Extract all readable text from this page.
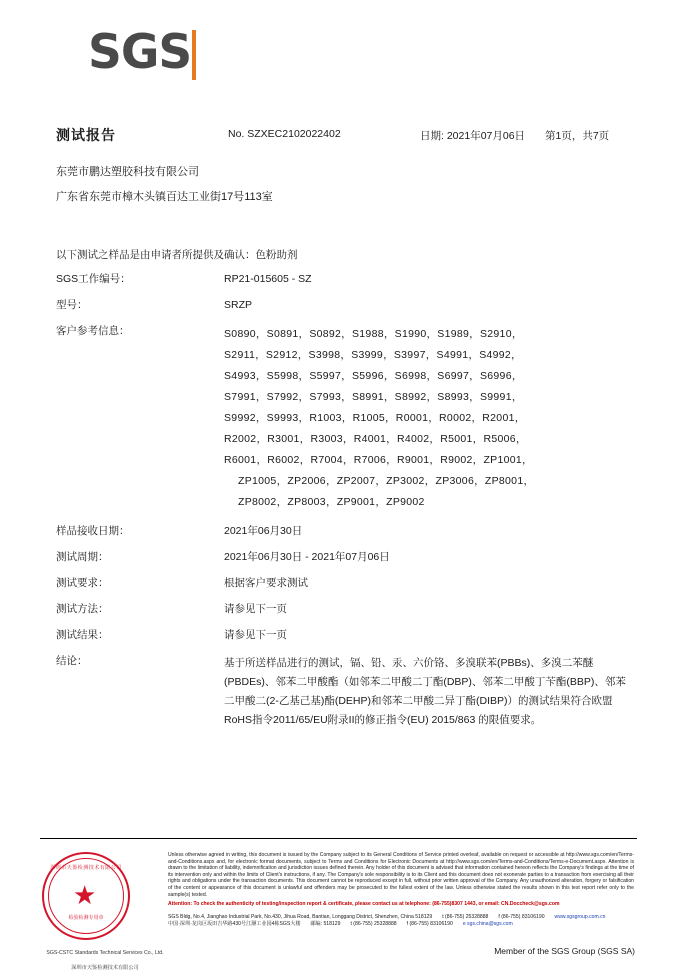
SGS
测试报告	No. SZXEC2102022402	日期: 2021年07月06日 第1页，共7页
东莞市鹏达塑胶科技有限公司
广东省东莞市樟木头镇百达工业街17号113室
以下测试之样品是由申请者所提供及确认：色粉助剂
SGS工作编号：	RP21-015605 - SZ
型号：	SRZP
客户参考信息：	S0890，S0891，S0892，S1988，S1990，S1989，S2910，
S2911，S2912，S3998，S3999，S3997，S4991，S4992，
S4993，S5998，S5997，S5996，S6998，S6997，S6996，
S7991，S7992，S7993，S8991，S8992，S8993，S9991，
S9992，S9993，R1003，R1005，R0001，R0002，R2001，
R2002，R3001，R3003，R4001，R4002，R5001，R5006，
R6001，R6002，R7004，R7006，R9001，R9002，ZP1001，
ZP1005，ZP2006，ZP2007，ZP3002，ZP3006，ZP8001，
ZP8002，ZP8003，ZP9001，ZP9002
样品接收日期：	2021年06月30日
测试周期：	2021年06月30日 - 2021年07月06日
测试要求：	根据客户要求测试
测试方法：	请参见下一页
测试结果：	请参见下一页
结论：	基于所送样品进行的测试，镉、铅、汞、六价铬、多溴联苯(PBBs)、多溴二苯醚(PBDEs)、邻苯二甲酸酯（如邻苯二甲酸二丁酯(DBP)、邻苯二甲酸丁苄酯(BBP)、邻苯二甲酸二(2-乙基己基)酯(DEHP)和邻苯二甲酸二异丁酯(DIBP)）的测试结果符合欧盟RoHS指令2011/65/EU附录II的修正指令(EU) 2015/863 的限值要求。
深圳市天鉴检测技术有限公司
★
检验检测专用章
SGS-CSTC Standards Technical Services Co., Ltd.
深圳市天鉴检测技术有限公司
Unless otherwise agreed in writing, this document is issued by the Company subject to its General Conditions of Service printed overleaf, available on request or accessible at http://www.sgs.com/en/Terms-and-Conditions.aspx and, for electronic format documents, subject to Terms and Conditions for Electronic Documents at http://www.sgs.com/en/Terms-and-Conditions/Terms-e-Document.aspx. Attention is drawn to the limitation of liability, indemnification and jurisdiction issues defined therein. Any holder of this document is advised that information contained hereon reflects the Company's findings at the time of its intervention only and within the limits of Client's instructions, if any. The Company's sole responsibility is to its Client and this document does not exonerate parties to a transaction from exercising all their rights and obligations under the transaction documents. This document cannot be reproduced except in full, without prior written approval of the Company. Any unauthorized alteration, forgery or falsification of the content or appearance of this document is unlawful and offenders may be prosecuted to the fullest extent of the law. Unless otherwise stated the results shown in this test report refer only to the sample(s) tested.
Attention: To check the authenticity of testing/inspection report & certificate, please contact us at telephone: (86-755)8307 1443, or email: CN.Doccheck@sgs.com
SGS Bldg, No.4, Jianghao Industrial Park, No.430, Jihua Road, Bantian, Longgang District, Shenzhen, China 518129 t (86-755) 25328888 f (86-755) 83106190 www.sgsgroup.com.cn
中国·深圳·龙岗区坂田吉华路430号江灏工业园4栋SGS大楼 邮编: 518129 t (86-755) 25328888 f (86-755) 83106190 e sgs.china@sgs.com
Member of the SGS Group (SGS SA)
